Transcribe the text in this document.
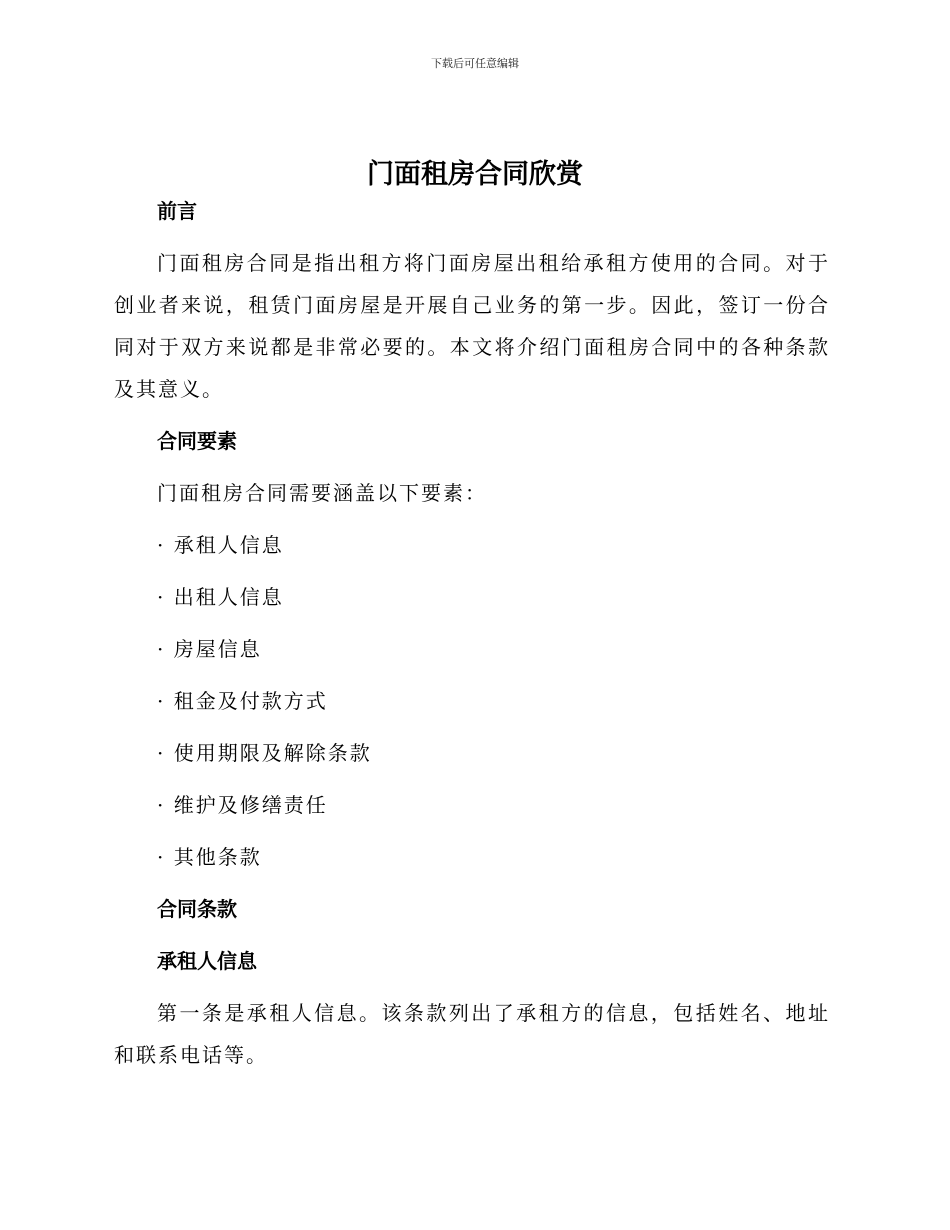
下载后可任意编辑
门面租房合同欣赏

前言

门面租房合同是指出租方将门面房屋出租给承租方使用的合同。对于创业者来说，租赁门面房屋是开展自己业务的第一步。因此，签订一份合同对于双方来说都是非常必要的。本文将介绍门面租房合同中的各种条款及其意义。

合同要素

门面租房合同需要涵盖以下要素：

· 承租人信息

· 出租人信息

· 房屋信息

· 租金及付款方式

· 使用期限及解除条款

· 维护及修缮责任

· 其他条款

合同条款

承租人信息

第一条是承租人信息。该条款列出了承租方的信息，包括姓名、地址和联系电话等。
